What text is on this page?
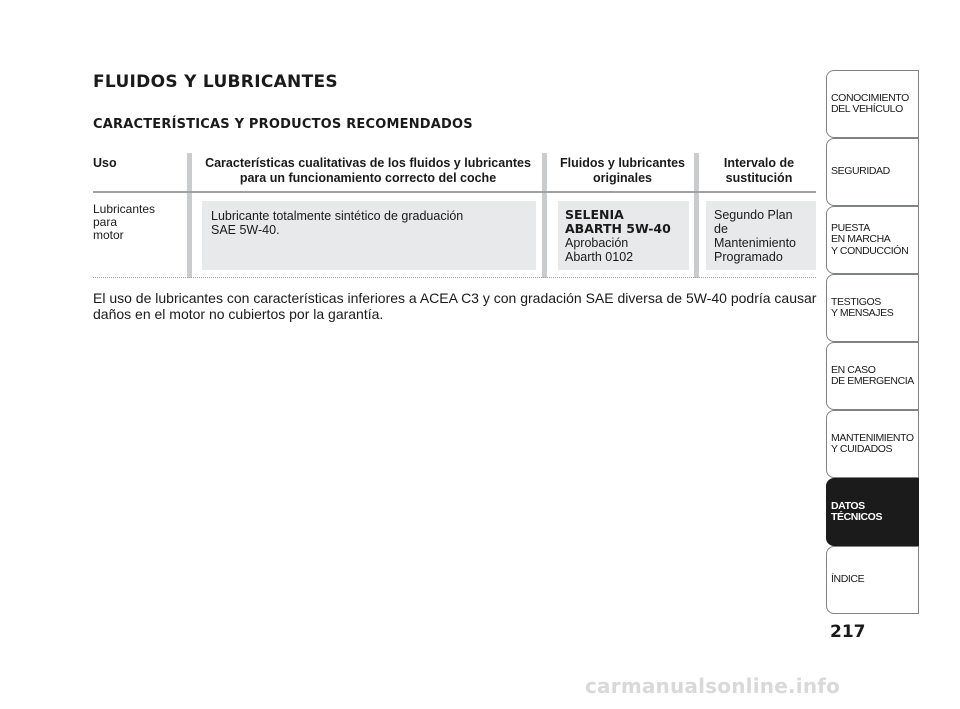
FLUIDOS Y LUBRICANTES
CARACTERÍSTICAS Y PRODUCTOS RECOMENDADOS
Uso	Características cualitativas de los fluidos y lubricantes para un funcionamiento correcto del coche
Fluidos y lubricantes originales
Intervalo de sustitución
Lubricantes
para
motor
Lubricante totalmente sintético de graduación
SAE 5W-40.
SELENIA
ABARTH 5W-40
Aprobación
Abarth 0102
Segundo Plan de
Mantenimiento
Programado
El uso de lubricantes con características inferiores a ACEA C3 y con gradación SAE diversa de 5W-40 podría causar daños en el motor no cubiertos por la garantía.
CONOCIMIENTO
DEL VEHÍCULO
SEGURIDAD
PUESTA
EN MARCHA
Y CONDUCCIÓN
TESTIGOS
Y MENSAJES
EN CASO
DE EMERGENCIA
MANTENIMIENTO
Y CUIDADOS
DATOS TÉCNICOS
ÍNDICE
217
carmanualsonline.info
